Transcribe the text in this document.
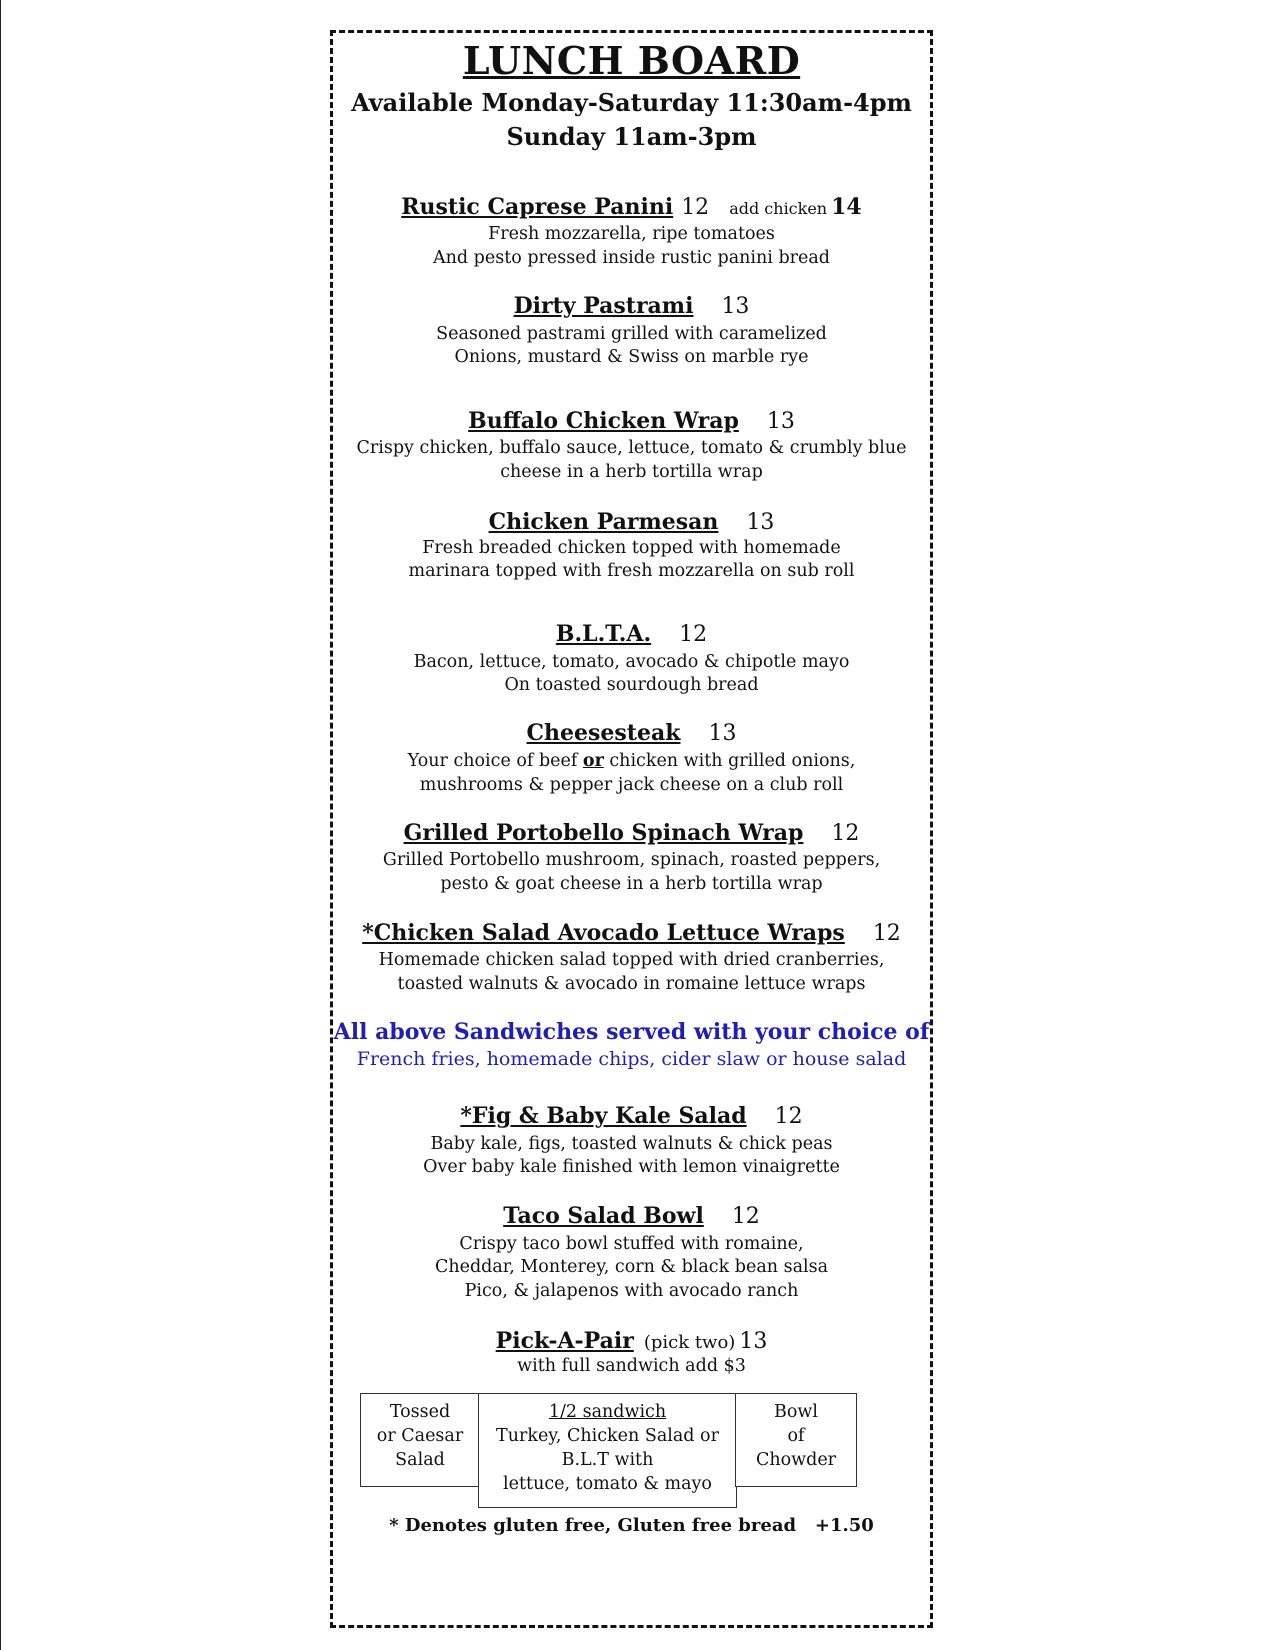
LUNCH BOARD
Available Monday-Saturday 11:30am-4pm
Sunday 11am-3pm
Rustic Caprese Panini 12 add chicken 14
Fresh mozzarella, ripe tomatoes
And pesto pressed inside rustic panini bread
Dirty Pastrami 13
Seasoned pastrami grilled with caramelized
Onions, mustard & Swiss on marble rye
Buffalo Chicken Wrap 13
Crispy chicken, buffalo sauce, lettuce, tomato & crumbly blue
cheese in a herb tortilla wrap
Chicken Parmesan 13
Fresh breaded chicken topped with homemade
marinara topped with fresh mozzarella on sub roll
B.L.T.A. 12
Bacon, lettuce, tomato, avocado & chipotle mayo
On toasted sourdough bread
Cheesesteak 13
Your choice of beef or chicken with grilled onions,
mushrooms & pepper jack cheese on a club roll
Grilled Portobello Spinach Wrap 12
Grilled Portobello mushroom, spinach, roasted peppers,
pesto & goat cheese in a herb tortilla wrap
*Chicken Salad Avocado Lettuce Wraps 12
Homemade chicken salad topped with dried cranberries,
toasted walnuts & avocado in romaine lettuce wraps
All above Sandwiches served with your choice of
French fries, homemade chips, cider slaw or house salad
*Fig & Baby Kale Salad 12
Baby kale, figs, toasted walnuts & chick peas
Over baby kale finished with lemon vinaigrette
Taco Salad Bowl 12
Crispy taco bowl stuffed with romaine,
Cheddar, Monterey, corn & black bean salsa
Pico, & jalapenos with avocado ranch
Pick-A-Pair (pick two) 13
with full sandwich add $3
Tossed
or Caesar
Salad
1/2 sandwich
Turkey, Chicken Salad or
B.L.T with
lettuce, tomato & mayo
Bowl
of
Chowder
* Denotes gluten free, Gluten free bread   +1.50
